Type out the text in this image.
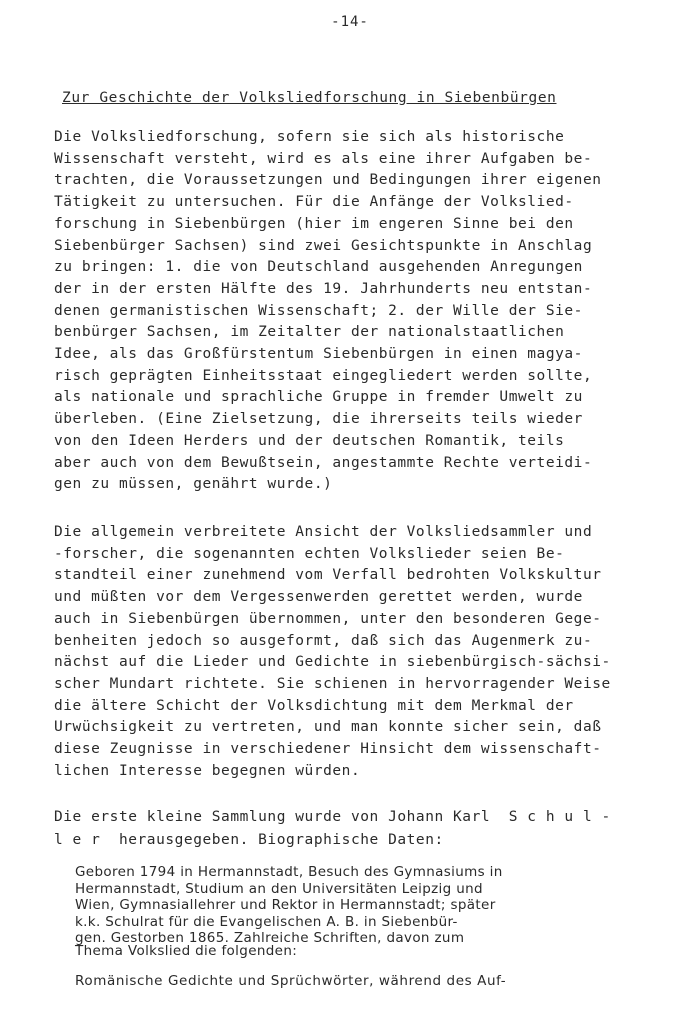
-14-
Zur Geschichte der Volksliedforschung in Siebenbürgen
Die Volksliedforschung, sofern sie sich als historische
Wissenschaft versteht, wird es als eine ihrer Aufgaben be-
trachten, die Voraussetzungen und Bedingungen ihrer eigenen
Tätigkeit zu untersuchen. Für die Anfänge der Volkslied-
forschung in Siebenbürgen (hier im engeren Sinne bei den
Siebenbürger Sachsen) sind zwei Gesichtspunkte in Anschlag
zu bringen: 1. die von Deutschland ausgehenden Anregungen
der in der ersten Hälfte des 19. Jahrhunderts neu entstan-
denen germanistischen Wissenschaft; 2. der Wille der Sie-
benbürger Sachsen, im Zeitalter der nationalstaatlichen
Idee, als das Großfürstentum Siebenbürgen in einen magya-
risch geprägten Einheitsstaat eingegliedert werden sollte,
als nationale und sprachliche Gruppe in fremder Umwelt zu
überleben. (Eine Zielsetzung, die ihrerseits teils wieder
von den Ideen Herders und der deutschen Romantik, teils
aber auch von dem Bewußtsein, angestammte Rechte verteidi-
gen zu müssen, genährt wurde.)
Die allgemein verbreitete Ansicht der Volksliedsammler und
-forscher, die sogenannten echten Volkslieder seien Be-
standteil einer zunehmend vom Verfall bedrohten Volkskultur
und müßten vor dem Vergessenwerden gerettet werden, wurde
auch in Siebenbürgen übernommen, unter den besonderen Gege-
benheiten jedoch so ausgeformt, daß sich das Augenmerk zu-
nächst auf die Lieder und Gedichte in siebenbürgisch-sächsi-
scher Mundart richtete. Sie schienen in hervorragender Weise
die ältere Schicht der Volksdichtung mit dem Merkmal der
Urwüchsigkeit zu vertreten, und man konnte sicher sein, daß
diese Zeugnisse in verschiedener Hinsicht dem wissenschaft-
lichen Interesse begegnen würden.
Die erste kleine Sammlung wurde von Johann Karl  S c h u l -
l e r  herausgegeben. Biographische Daten:
Geboren 1794 in Hermannstadt, Besuch des Gymnasiums in
Hermannstadt, Studium an den Universitäten Leipzig und
Wien, Gymnasiallehrer und Rektor in Hermannstadt; später
k.k. Schulrat für die Evangelischen A. B. in Siebenbür-
gen. Gestorben 1865. Zahlreiche Schriften, davon zum
Thema Volkslied die folgenden:
Romänische Gedichte und Sprüchwörter, während des Auf-
